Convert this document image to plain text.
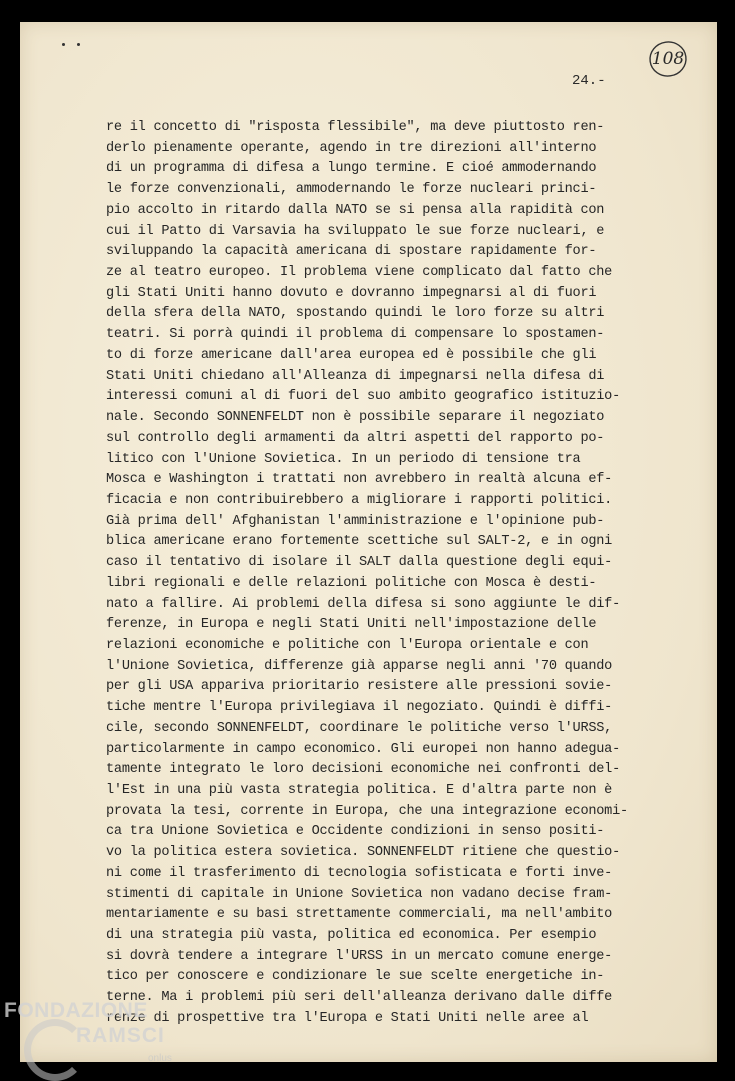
108
24.-
re il concetto di "risposta flessibile", ma deve piuttosto ren-
derlo pienamente operante, agendo in tre direzioni all'interno
di un programma di difesa a lungo termine. E cioé ammodernando
le forze convenzionali, ammodernando le forze nucleari princi-
pio accolto in ritardo dalla NATO se si pensa alla rapidità con
cui il Patto di Varsavia ha sviluppato le sue forze nucleari, e
sviluppando la capacità americana di spostare rapidamente for-
ze al teatro europeo. Il problema viene complicato dal fatto che
gli Stati Uniti hanno dovuto e dovranno impegnarsi al di fuori
della sfera della NATO, spostando quindi le loro forze su altri
teatri. Si porrà quindi il problema di compensare lo spostamen-
to di forze americane dall'area europea ed è possibile che gli
Stati Uniti chiedano all'Alleanza di impegnarsi nella difesa di
interessi comuni al di fuori del suo ambito geografico istituzio-
nale. Secondo SONNENFELDT non è possibile separare il negoziato
sul controllo degli armamenti da altri aspetti del rapporto po-
litico con l'Unione Sovietica. In un periodo di tensione tra
Mosca e Washington i trattati non avrebbero in realtà alcuna ef-
ficacia e non contribuirebbero a migliorare i rapporti politici.
Già prima dell' Afghanistan l'amministrazione e l'opinione pub-
blica americane erano fortemente scettiche sul SALT-2, e in ogni
caso il tentativo di isolare il SALT dalla questione degli equi-
libri regionali e delle relazioni politiche con Mosca è desti-
nato a fallire. Ai problemi della difesa si sono aggiunte le dif-
ferenze, in Europa e negli Stati Uniti nell'impostazione delle
relazioni economiche e politiche con l'Europa orientale e con
l'Unione Sovietica, differenze già apparse negli anni '70 quando
per gli USA appariva prioritario resistere alle pressioni sovie-
tiche mentre l'Europa privilegiava il negoziato. Quindi è diffi-
cile, secondo SONNENFELDT, coordinare le politiche verso l'URSS,
particolarmente in campo economico. Gli europei non hanno adegua-
tamente integrato le loro decisioni economiche nei confronti del-
l'Est in una più vasta strategia politica. E d'altra parte non è
provata la tesi, corrente in Europa, che una integrazione economi-
ca tra Unione Sovietica e Occidente condizioni in senso positi-
vo la politica estera sovietica. SONNENFELDT ritiene che questio-
ni come il trasferimento di tecnologia sofisticata e forti inve-
stimenti di capitale in Unione Sovietica non vadano decise fram-
mentariamente e su basi strettamente commerciali, ma nell'ambito
di una strategia più vasta, politica ed economica. Per esempio
si dovrà tendere a integrare l'URSS in un mercato comune energe-
tico per conoscere e condizionare le sue scelte energetiche in-
terne. Ma i problemi più seri dell'alleanza derivano dalle diffe
renze di prospettive tra l'Europa e Stati Uniti nelle aree al
FONDAZIONE
RAMSCI
onlus
